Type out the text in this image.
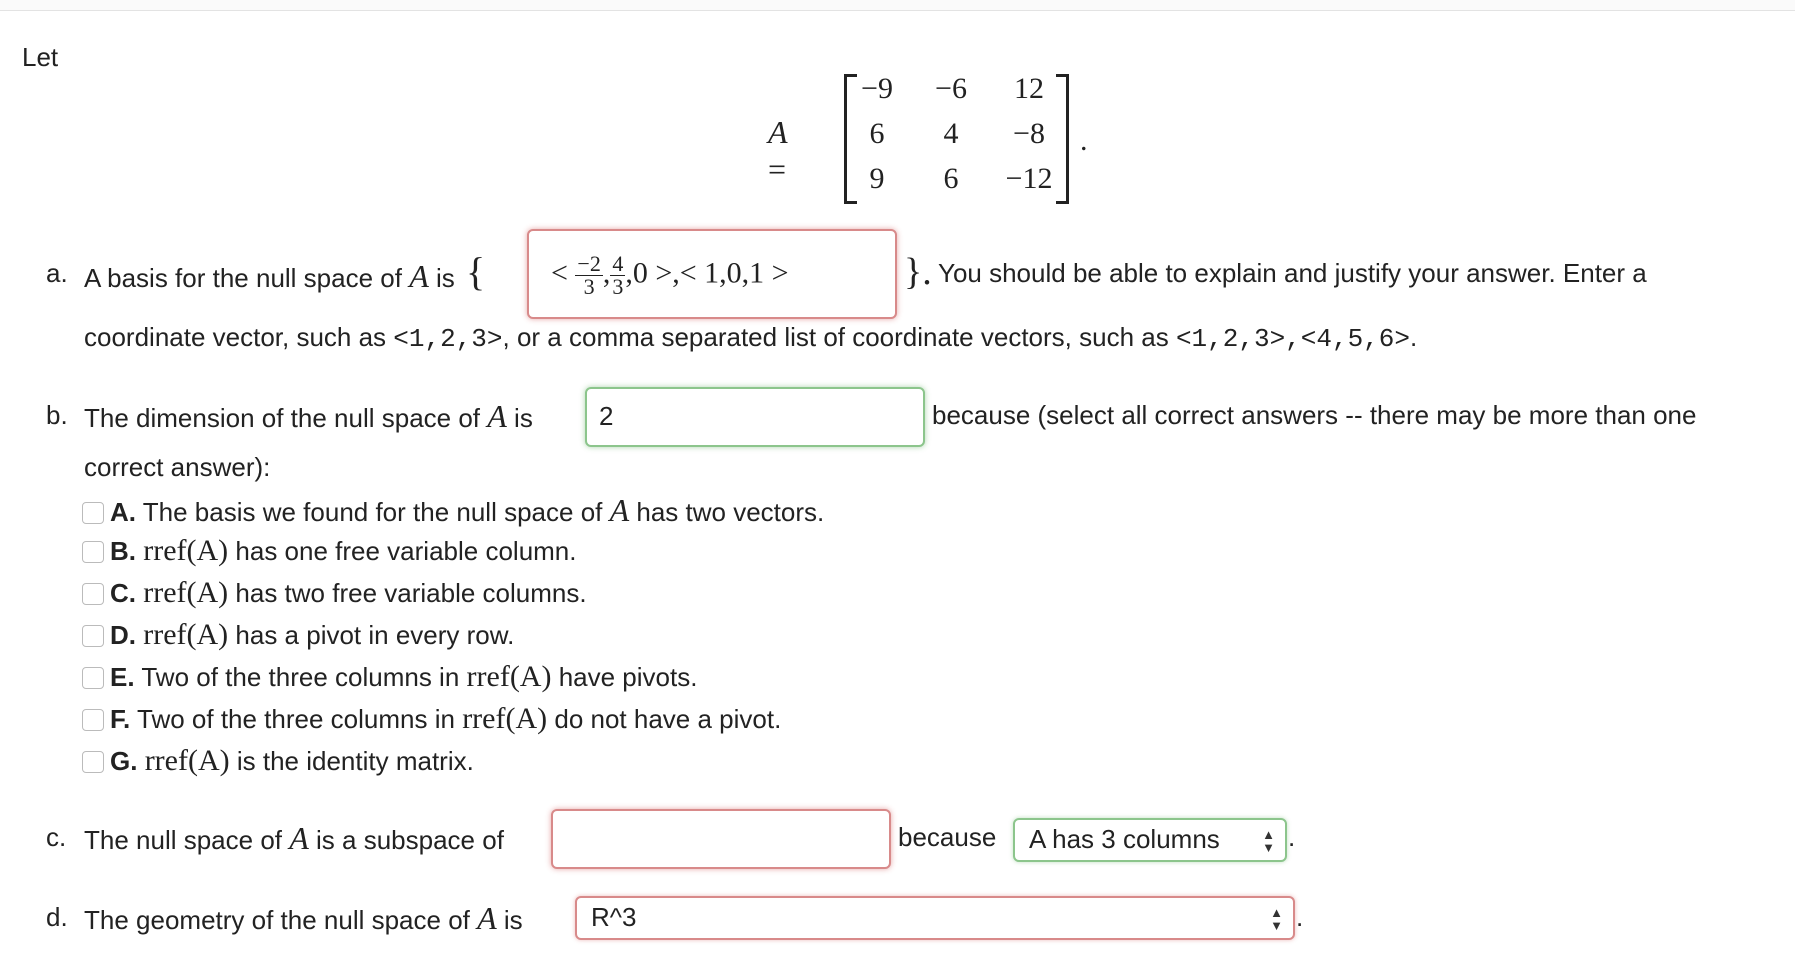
Let
A =
−9	−6	12
6	4	−8
9	6	−12
.
a. A basis for the null space of A is { < $\frac{-2}{3}$ , $\frac{4}{3} ,0$ >,< 1,0,1 >	}. You should be able to explain and justify your answer. Enter a
coordinate vector, such as <1,2,3>, or a comma separated list of coordinate vectors, such as <1,2,3>,<4,5,6>.
b. The dimension of the null space of A is	2	because (select all correct answers -- there may be more than one
correct answer):
A. The basis we found for the null space of A has two vectors.
B. rref(A) has one free variable column.
C. rref(A) has two free variable columns.
D. rref(A) has a pivot in every row.
E. Two of the three columns in rref(A) have pivots.
F. Two of the three columns in rref(A) do not have a pivot.
G. rref(A) is the identity matrix.
c. The null space of A is a subspace of	because A has 3 columns	▲
▼ .
d. The geometry of the null space of A is	R^3	▲
▼ .
